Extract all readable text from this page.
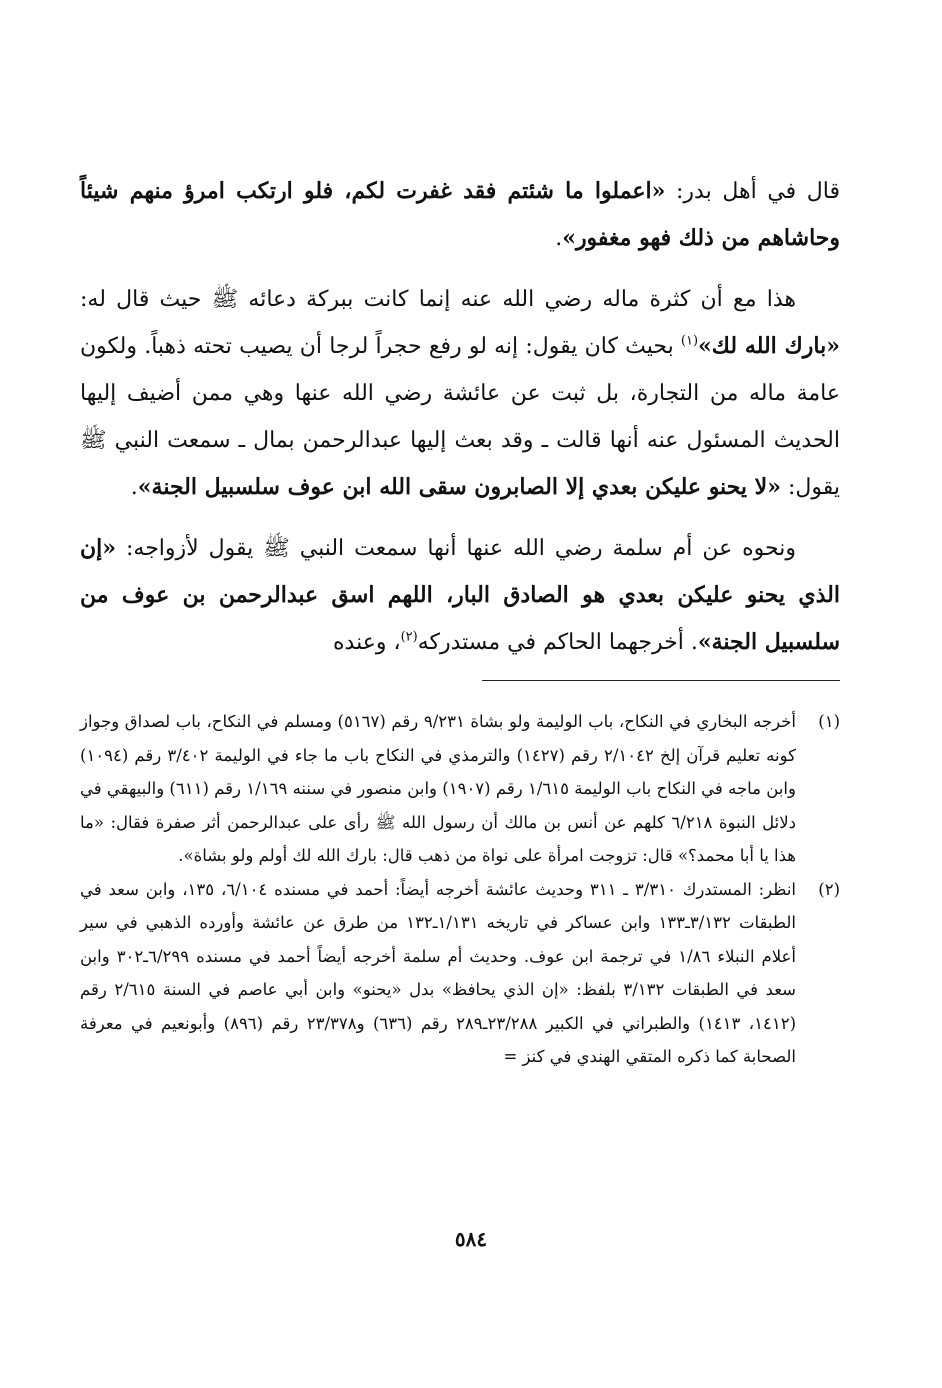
قال في أهل بدر: «اعملوا ما شئتم فقد غفرت لكم، فلو ارتكب امرؤ منهم شيئاً وحاشاهم من ذلك فهو مغفور».

هذا مع أن كثرة ماله رضي الله عنه إنما كانت ببركة دعائه ﷺ حيث قال له: «بارك الله لك»$^{(١)}$ بحيث كان يقول: إنه لو رفع حجراً لرجا أن يصيب تحته ذهباً. ولكون عامة ماله من التجارة، بل ثبت عن عائشة رضي الله عنها وهي ممن أضيف إليها الحديث المسئول عنه أنها قالت ـ وقد بعث إليها عبدالرحمن بمال ـ سمعت النبي ﷺ يقول: «لا يحنو عليكن بعدي إلا الصابرون سقى الله ابن عوف سلسبيل الجنة».

ونحوه عن أم سلمة رضي الله عنها أنها سمعت النبي ﷺ يقول لأزواجه: «إن الذي يحنو عليكن بعدي هو الصادق البار، اللهم اسق عبدالرحمن بن عوف من سلسبيل الجنة». أخرجهما الحاكم في مستدركه$^{(٢)}$، وعنده

(١)
أخرجه البخاري في النكاح، باب الوليمة ولو بشاة ٩/٢٣١ رقم (٥١٦٧) ومسلم في النكاح، باب لصداق وجواز كونه تعليم قرآن إلخ ٢/١٠٤٢ رقم (١٤٢٧) والترمذي في النكاح باب ما جاء في الوليمة ٣/٤٠٢ رقم (١٠٩٤) وابن ماجه في النكاح باب الوليمة ١/٦١٥ رقم (١٩٠٧) وابن منصور في سننه ١/١٦٩ رقم (٦١١) والبيهقي في دلائل النبوة ٦/٢١٨ كلهم عن أنس بن مالك أن رسول الله ﷺ رأى على عبدالرحمن أثر صفرة فقال: «ما هذا يا أبا محمد؟» قال: تزوجت امرأة على نواة من ذهب قال: بارك الله لك أولم ولو بشاة».
(٢)
انظر: المستدرك ٣/٣١٠ ـ ٣١١ وحديث عائشة أخرجه أيضاً: أحمد في مسنده ٦/١٠٤، ١٣٥، وابن سعد في الطبقات ٣/١٣٢ـ١٣٣ وابن عساكر في تاريخه ١/١٣١ـ١٣٢ من طرق عن عائشة وأورده الذهبي في سير أعلام النبلاء ١/٨٦ في ترجمة ابن عوف. وحديث أم سلمة أخرجه أيضاً أحمد في مسنده ٦/٢٩٩ـ٣٠٢ وابن سعد في الطبقات ٣/١٣٢ بلفظ: «إن الذي يحافظ» بدل «يحنو» وابن أبي عاصم في السنة ٢/٦١٥ رقم (١٤١٢، ١٤١٣) والطبراني في الكبير ٢٣/٢٨٨ـ٢٨٩ رقم (٦٣٦) و٢٣/٣٧٨ رقم (٨٩٦) وأبونعيم في معرفة الصحابة كما ذكره المتقي الهندي في كنز =
٥٨٤
